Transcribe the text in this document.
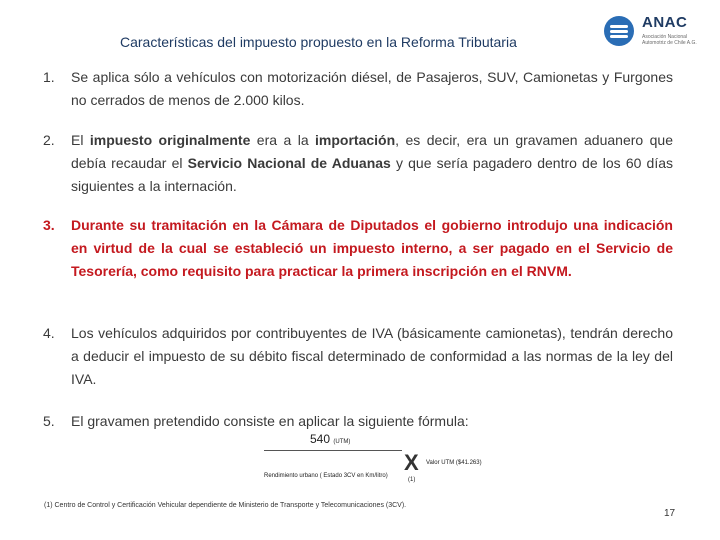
Características del impuesto propuesto en la Reforma Tributaria
ANAC
Asociación Nacional Automotriz de Chile A.G.
1. Se aplica sólo a vehículos con motorización diésel, de Pasajeros, SUV, Camionetas y Furgones no cerrados de menos de 2.000 kilos.
2. El impuesto originalmente era a la importación, es decir, era un gravamen aduanero que debía recaudar el Servicio Nacional de Aduanas y que sería pagadero dentro de los 60 días siguientes a la internación.
3. Durante su tramitación en la Cámara de Diputados el gobierno introdujo una indicación en virtud de la cual se estableció un impuesto interno, a ser pagado en el Servicio de Tesorería, como requisito para practicar la primera inscripción en el RNVM.
4. Los vehículos adquiridos por contribuyentes de IVA (básicamente camionetas), tendrán derecho a deducir el impuesto de su débito fiscal determinado de conformidad a las normas de la ley del IVA.
5. El gravamen pretendido consiste en aplicar la siguiente fórmula:
540 (UTM)
Rendimiento urbano ( Estado 3CV en Km/litro)
X Valor UTM ($41.263)
(1)
(1) Centro de Control y Certificación Vehicular dependiente de Ministerio de Transporte y Telecomunicaciones (3CV).
17
